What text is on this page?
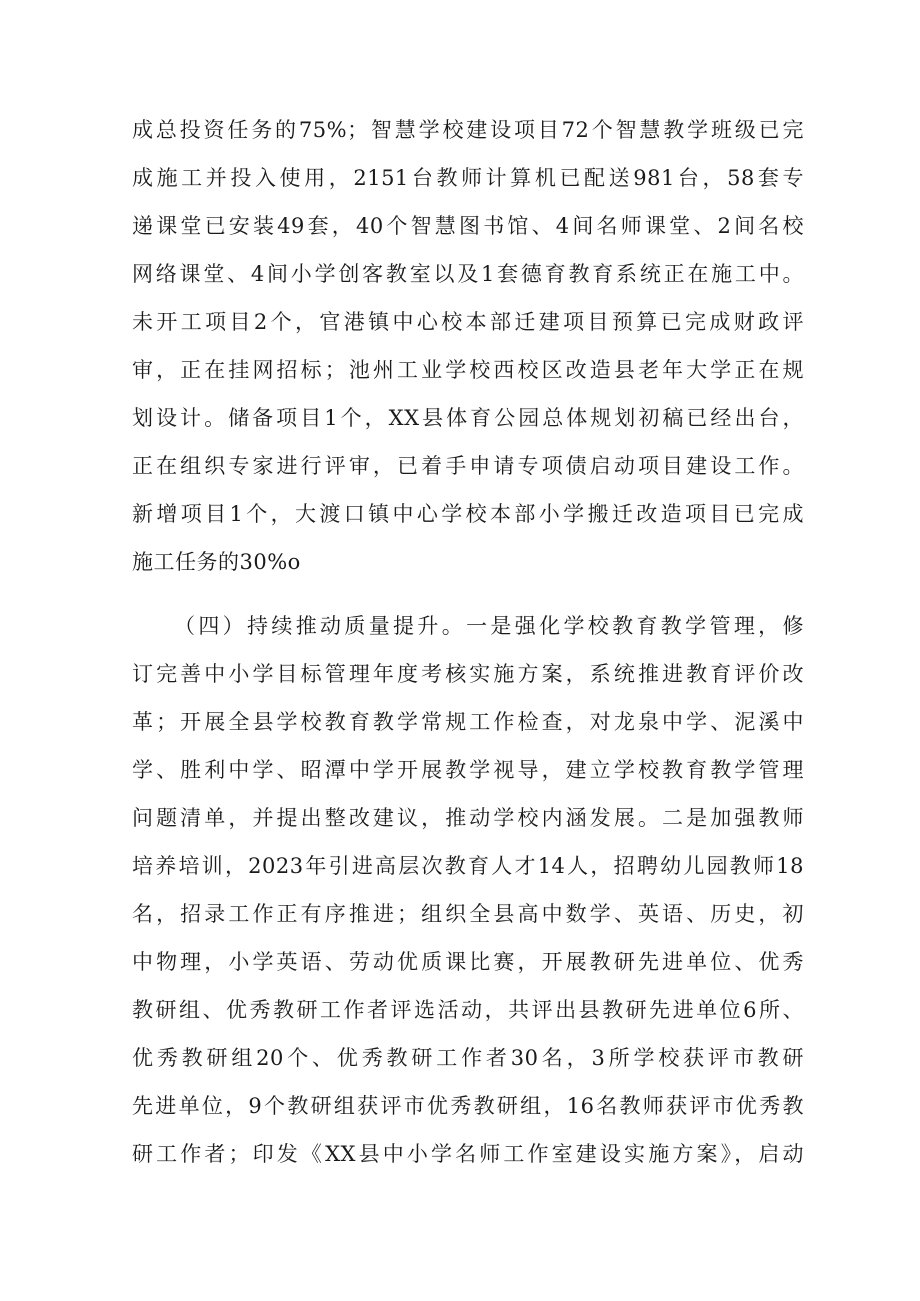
成总投资任务的75%；智慧学校建设项目72个智慧教学班级已完
成施工并投入使用，2151台教师计算机已配送981台，58套专
递课堂已安装49套，40个智慧图书馆、4间名师课堂、2间名校
网络课堂、4间小学创客教室以及1套德育教育系统正在施工中。
未开工项目2个，官港镇中心校本部迁建项目预算已完成财政评
审，正在挂网招标；池州工业学校西校区改造县老年大学正在规
划设计。储备项目1个，XX县体育公园总体规划初稿已经出台，
正在组织专家进行评审，已着手申请专项债启动项目建设工作。
新增项目1个，大渡口镇中心学校本部小学搬迁改造项目已完成
施工任务的30%o
（四）持续推动质量提升。一是强化学校教育教学管理，修
订完善中小学目标管理年度考核实施方案，系统推进教育评价改
革；开展全县学校教育教学常规工作检查，对龙泉中学、泥溪中
学、胜利中学、昭潭中学开展教学视导，建立学校教育教学管理
问题清单，并提出整改建议，推动学校内涵发展。二是加强教师
培养培训，2023年引进高层次教育人才14人，招聘幼儿园教师18
名，招录工作正有序推进；组织全县高中数学、英语、历史，初
中物理，小学英语、劳动优质课比赛，开展教研先进单位、优秀
教研组、优秀教研工作者评选活动，共评出县教研先进单位6所、
优秀教研组20个、优秀教研工作者30名，3所学校获评市教研
先进单位，9个教研组获评市优秀教研组，16名教师获评市优秀教
研工作者；印发《XX县中小学名师工作室建设实施方案》，启动
